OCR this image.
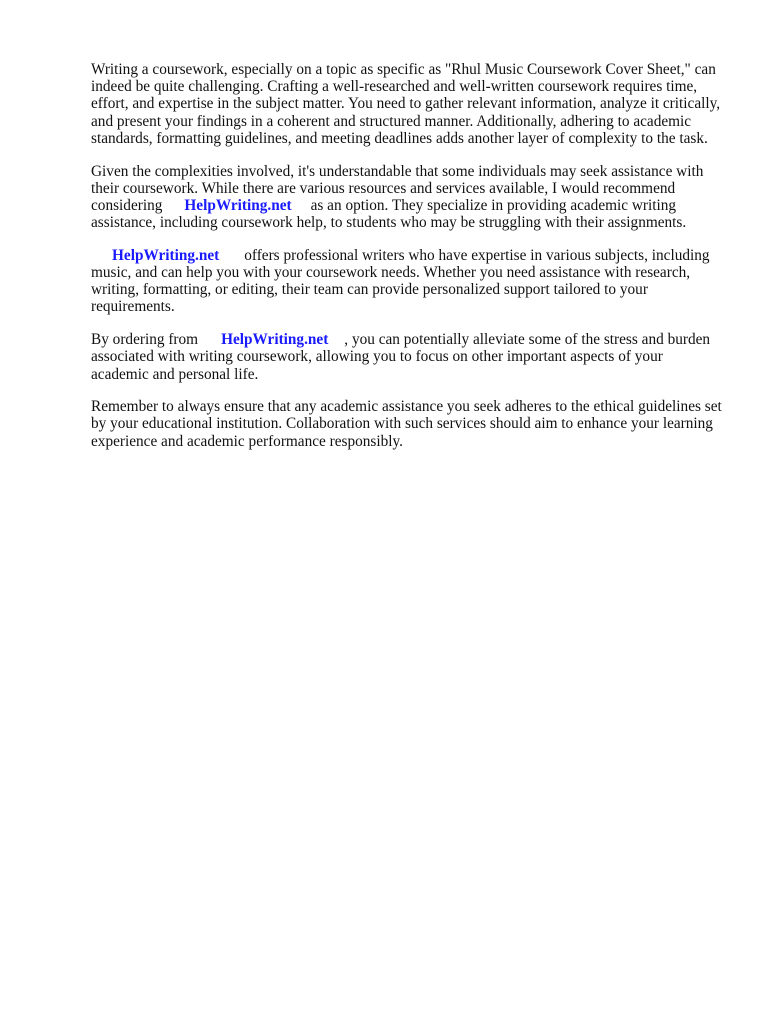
Writing a coursework, especially on a topic as specific as "Rhul Music Coursework Cover Sheet," can indeed be quite challenging. Crafting a well-researched and well-written coursework requires time, effort, and expertise in the subject matter. You need to gather relevant information, analyze it critically, and present your findings in a coherent and structured manner. Additionally, adhering to academic standards, formatting guidelines, and meeting deadlines adds another layer of complexity to the task.

Given the complexities involved, it's understandable that some individuals may seek assistance with their coursework. While there are various resources and services available, I would recommend considering HelpWriting.net as an option. They specialize in providing academic writing assistance, including coursework help, to students who may be struggling with their assignments.

HelpWriting.net offers professional writers who have expertise in various subjects, including music, and can help you with your coursework needs. Whether you need assistance with research, writing, formatting, or editing, their team can provide personalized support tailored to your requirements.

By ordering from HelpWriting.net , you can potentially alleviate some of the stress and burden associated with writing coursework, allowing you to focus on other important aspects of your academic and personal life.

Remember to always ensure that any academic assistance you seek adheres to the ethical guidelines set by your educational institution. Collaboration with such services should aim to enhance your learning experience and academic performance responsibly.
